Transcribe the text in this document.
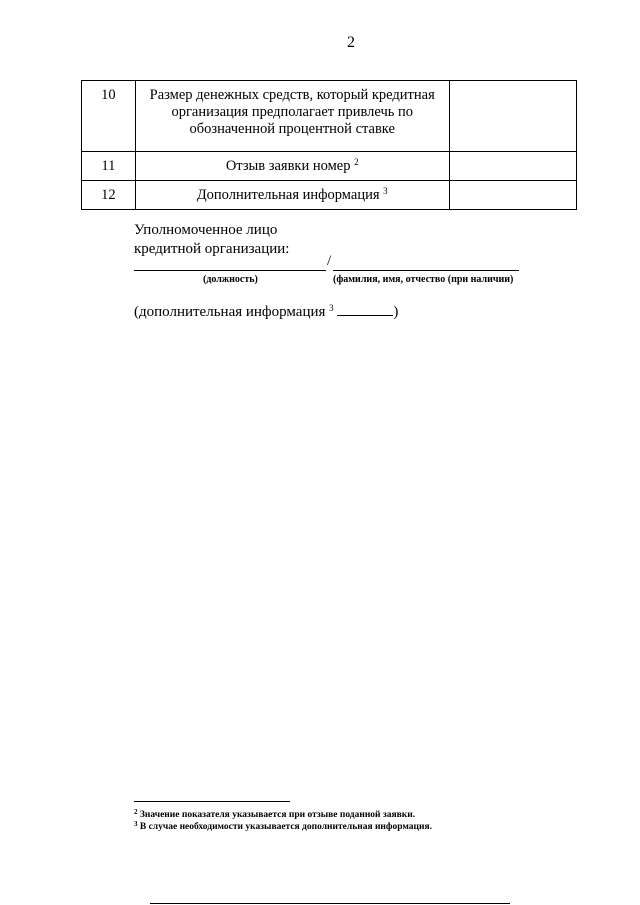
2
10	Размер денежных средств, который кредитная организация предполагает привлечь по обозначенной процентной ставке	
11	Отзыв заявки номер $^2$	
12	Дополнительная информация $^3$	
Уполномоченное лицо
кредитной организации:
/
(должность)	(фамилия, имя, отчество (при наличии)
(дополнительная информация $^3$	)
$^2$ Значение показателя указывается при отзыве поданной заявки.
$^3$ В случае необходимости указывается дополнительная информация.
